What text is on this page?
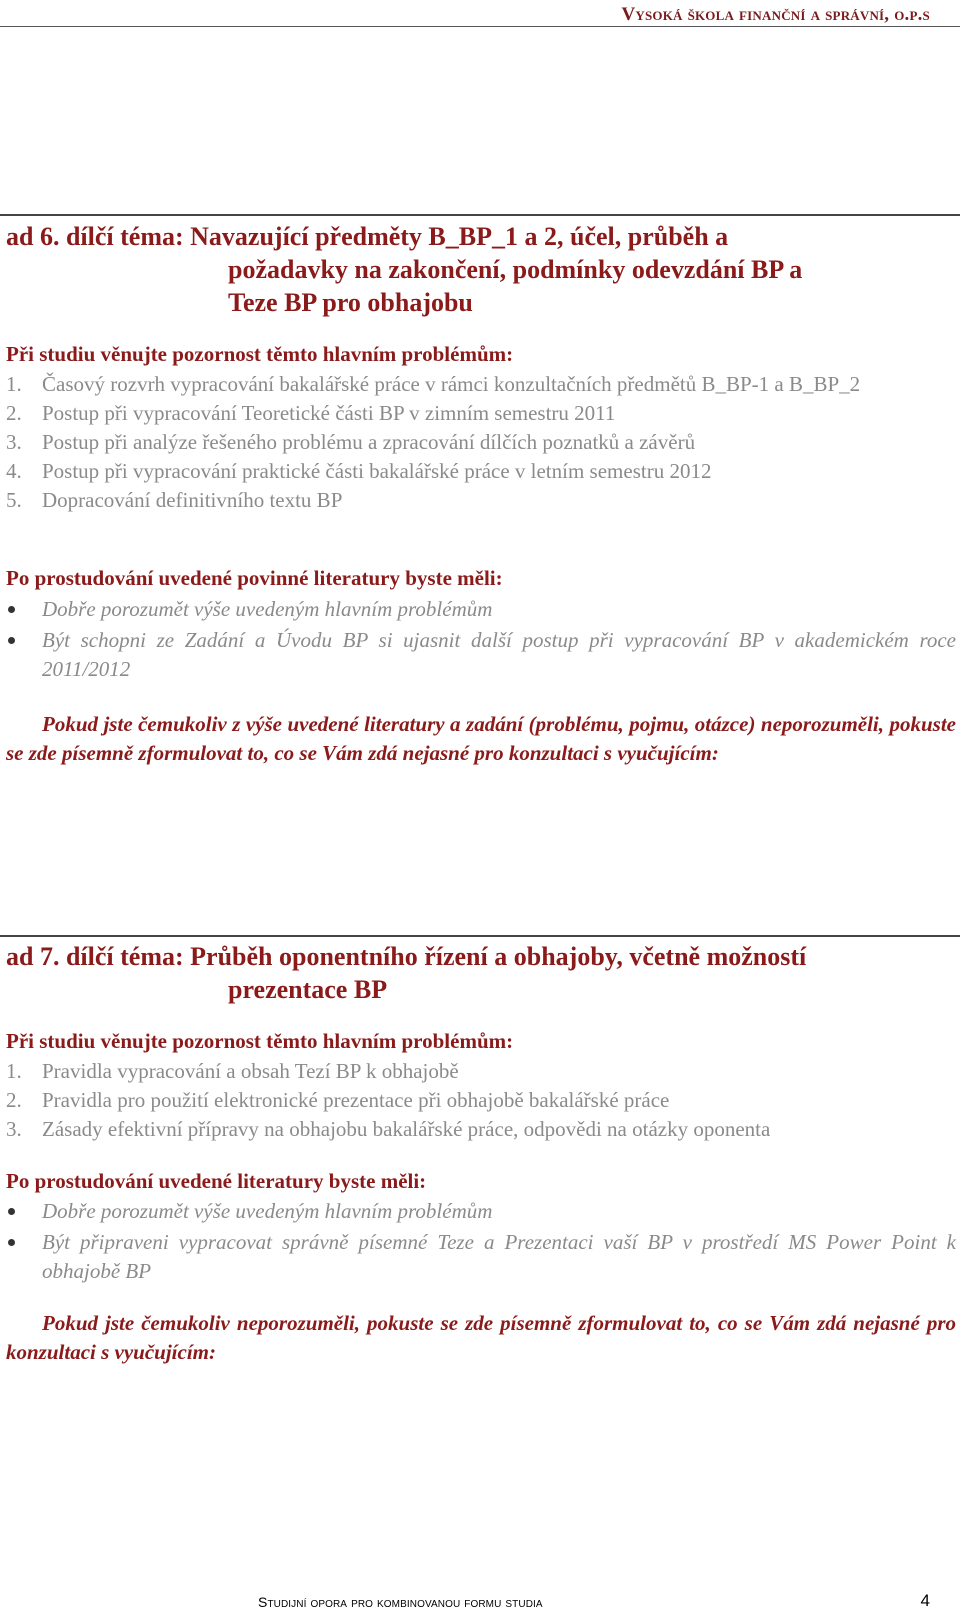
Vysoká škola finanční a správní, o.p.s
ad 6. dílčí téma: Navazující předměty B_BP_1 a 2, účel, průběh a
požadavky na zakončení, podmínky odevzdání BP a
Teze BP pro obhajobu
Při studiu věnujte pozornost těmto hlavním problémům:
1. Časový rozvrh vypracování bakalářské práce v rámci konzultačních předmětů B_BP-1 a B_BP_2
2. Postup při vypracování Teoretické části BP v zimním semestru 2011
3. Postup při analýze řešeného problému a zpracování dílčích poznatků a závěrů
4. Postup při vypracování praktické části bakalářské práce v letním semestru 2012
5. Dopracování definitivního textu BP
Po prostudování uvedené povinné literatury byste měli:
Dobře porozumět výše uvedeným hlavním problémům
Být schopni ze Zadání a Úvodu BP si ujasnit další postup při vypracování BP v akademickém roce 2011/2012
Pokud jste čemukoliv z výše uvedené literatury a zadání (problému, pojmu, otázce) neporozuměli, pokuste se zde písemně zformulovat to, co se Vám zdá nejasné pro konzultaci s vyučujícím:
ad 7. dílčí téma: Průběh oponentního řízení a obhajoby, včetně možností
prezentace BP
Při studiu věnujte pozornost těmto hlavním problémům:
1. Pravidla vypracování a obsah Tezí BP k obhajobě
2. Pravidla pro použití elektronické prezentace při obhajobě bakalářské práce
3. Zásady efektivní přípravy na obhajobu bakalářské práce, odpovědi na otázky oponenta
Po prostudování uvedené literatury byste měli:
Dobře porozumět výše uvedeným hlavním problémům
Být připraveni vypracovat správně písemné Teze a Prezentaci vaší BP v prostředí MS Power Point k obhajobě BP
Pokud jste čemukoliv neporozuměli, pokuste se zde písemně zformulovat to, co se Vám zdá nejasné pro konzultaci s vyučujícím:
Studijní opora pro kombinovanou formu studia	4
